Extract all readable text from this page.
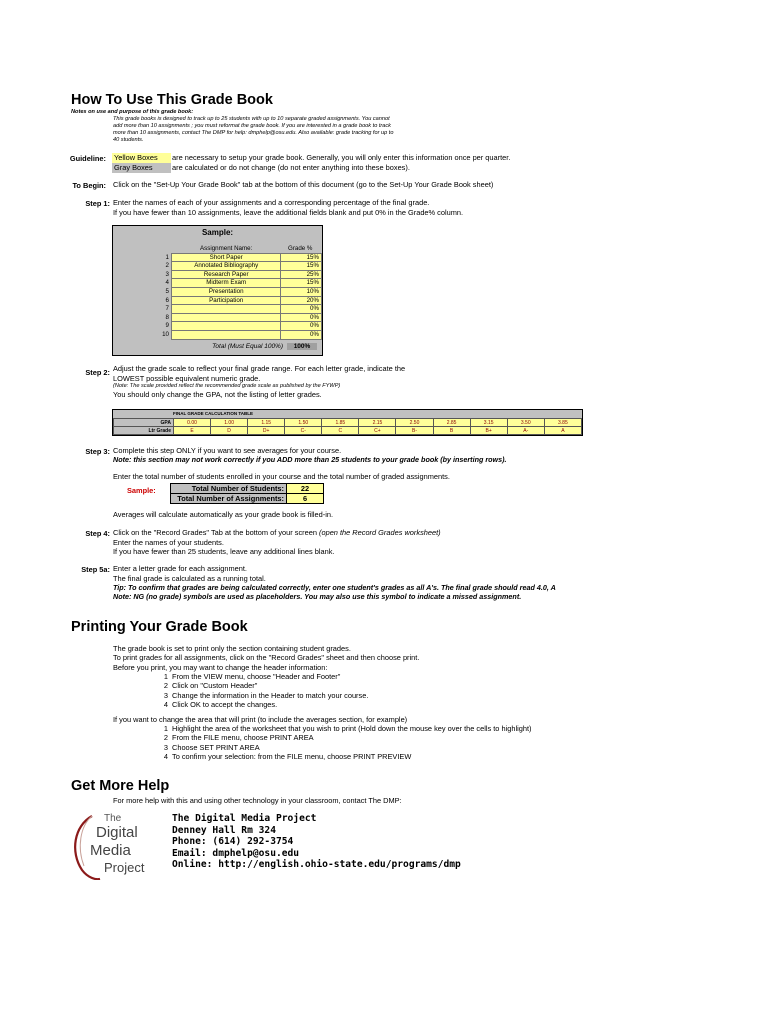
How To Use This Grade Book
Notes on use and purpose of this grade book:
This grade books is designed to track up to 25 students with up to 10 separate graded assignments. You cannot
add more than 10 assignments ; you must reformat the grade book. If you are interested in a grade book to track
more than 10 assignments, contact The DMP for help: dmphelp@osu.edu. Also available: grade tracking for up to
40 students.
Guideline: Yellow Boxes	are necessary to setup your grade book. Generally, you will only enter this information once per quarter.
Gray Boxes	are calculated or do not change (do not enter anything into these boxes).
To Begin: Click on the "Set-Up Your Grade Book" tab at the bottom of this document (go to the Set-Up Your Grade Book sheet)
Step 1: Enter the names of each of your assignments and a corresponding percentage of the final grade.
If you have fewer than 10 assignments, leave the additional fields blank and put 0% in the Grade% column.
Sample:
	Assignment Name:	Grade %
1	Short Paper	15%
2	Annotated Bibliography	15%
3	Research Paper	25%
4	Midterm Exam	15%
5	Presentation	10%
6	Participation	20%
7		0%
8		0%
9		0%
10		0%
Total (Must Equal 100%) 100%
Step 2: Adjust the grade scale to reflect your final grade range. For each letter grade, indicate the
LOWEST possible equivalent numeric grade.
(Note: The scale provided reflect the recommended grade scale as published by the FYWP)
You should only change the GPA, not the listing of letter grades.
FINAL GRADE CALCULATION TABLE
GPA	0.00	1.00	1.15	1.50	1.85	2.15	2.50	2.85	3.15	3.50	3.85
Ltr Grade	E	D	D+	C-	C	C+	B-	B	B+	A-	A
Step 3: Complete this step ONLY if you want to see averages for your course.
Note: this section may not work correctly if you ADD more than 25 students to your grade book (by inserting rows).
Enter the total number of students enrolled in your course and the total number of graded assignments.
Sample:	Total Number of Students:	22
Total Number of Assignments:	6
Averages will calculate automatically as your grade book is filled-in.
Step 4: Click on the "Record Grades" Tab at the bottom of your screen (open the Record Grades worksheet)
Enter the names of your students.
If you have fewer than 25 students, leave any additional lines blank.
Step 5a: Enter a letter grade for each assignment.
The final grade is calculated as a running total.
Tip: To confirm that grades are being calculated correctly, enter one student's grades as all A's. The final grade should read 4.0, A
Note: NG (no grade) symbols are used as placeholders. You may also use this symbol to indicate a missed assignment.
Printing Your Grade Book
The grade book is set to print only the section containing student grades.
To print grades for all assignments, click on the "Record Grades" sheet and then choose print.
Before you print, you may want to change the header information:
1 From the VIEW menu, choose "Header and Footer"
2 Click on "Custom Header"
3 Change the information in the Header to match your course.
4 Click OK to accept the changes.
If you want to change the area that will print (to include the averages section, for example)
1 Highlight the area of the worksheet that you wish to print (Hold down the mouse key over the cells to highlight)
2 From the FILE menu, choose PRINT AREA
3 Choose SET PRINT AREA
4 To confirm your selection: from the FILE menu, choose PRINT PREVIEW
Get More Help
For more help with this and using other technology in your classroom, contact The DMP:
The
Digital
Media
Project
The Digital Media Project
Denney Hall Rm 324
Phone: (614) 292-3754
Email: dmphelp@osu.edu
Online: http://english.ohio-state.edu/programs/dmp
